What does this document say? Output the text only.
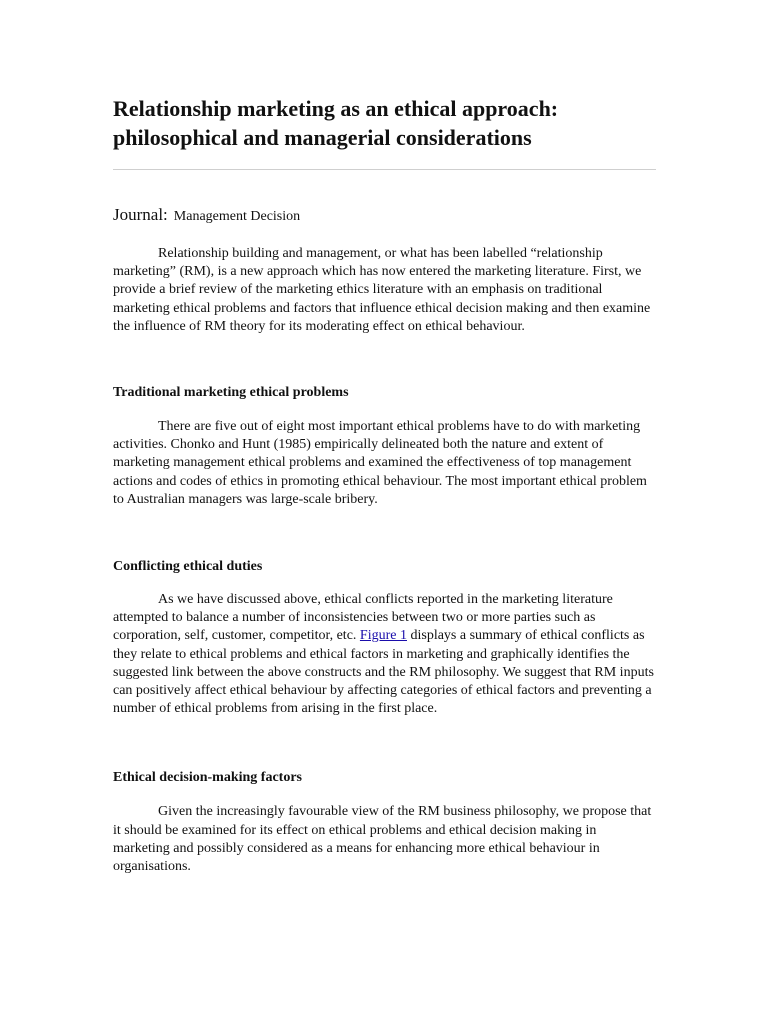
Relationship marketing as an ethical approach: philosophical and managerial considerations
Journal: Management Decision

Relationship building and management, or what has been labelled “relationship marketing” (RM), is a new approach which has now entered the marketing literature. First, we provide a brief review of the marketing ethics literature with an emphasis on traditional marketing ethical problems and factors that influence ethical decision making and then examine the influence of RM theory for its moderating effect on ethical behaviour.

Traditional marketing ethical problems

There are five out of eight most important ethical problems have to do with marketing activities. Chonko and Hunt (1985) empirically delineated both the nature and extent of marketing management ethical problems and examined the effectiveness of top management actions and codes of ethics in promoting ethical behaviour. The most important ethical problem to Australian managers was large-scale bribery.

Conflicting ethical duties

As we have discussed above, ethical conflicts reported in the marketing literature attempted to balance a number of inconsistencies between two or more parties such as corporation, self, customer, competitor, etc. Figure 1 displays a summary of ethical conflicts as they relate to ethical problems and ethical factors in marketing and graphically identifies the suggested link between the above constructs and the RM philosophy. We suggest that RM inputs can positively affect ethical behaviour by affecting categories of ethical factors and preventing a number of ethical problems from arising in the first place.

Ethical decision-making factors

Given the increasingly favourable view of the RM business philosophy, we propose that it should be examined for its effect on ethical problems and ethical decision making in marketing and possibly considered as a means for enhancing more ethical behaviour in organisations.
